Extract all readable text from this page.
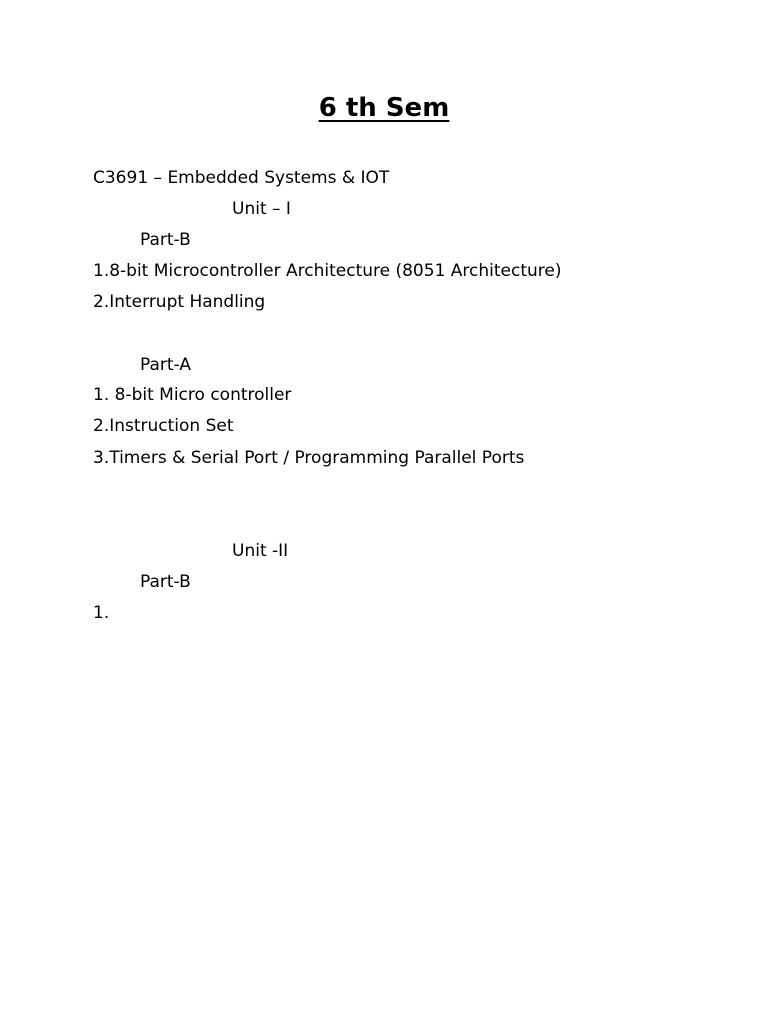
6 th Sem

C3691 – Embedded Systems & IOT

Unit – I

Part-B

1.8-bit Microcontroller Architecture (8051 Architecture)

2.Interrupt Handling

Part-A

1. 8-bit Micro controller

2.Instruction Set

3.Timers & Serial Port / Programming Parallel Ports

Unit -II

Part-B

1.
